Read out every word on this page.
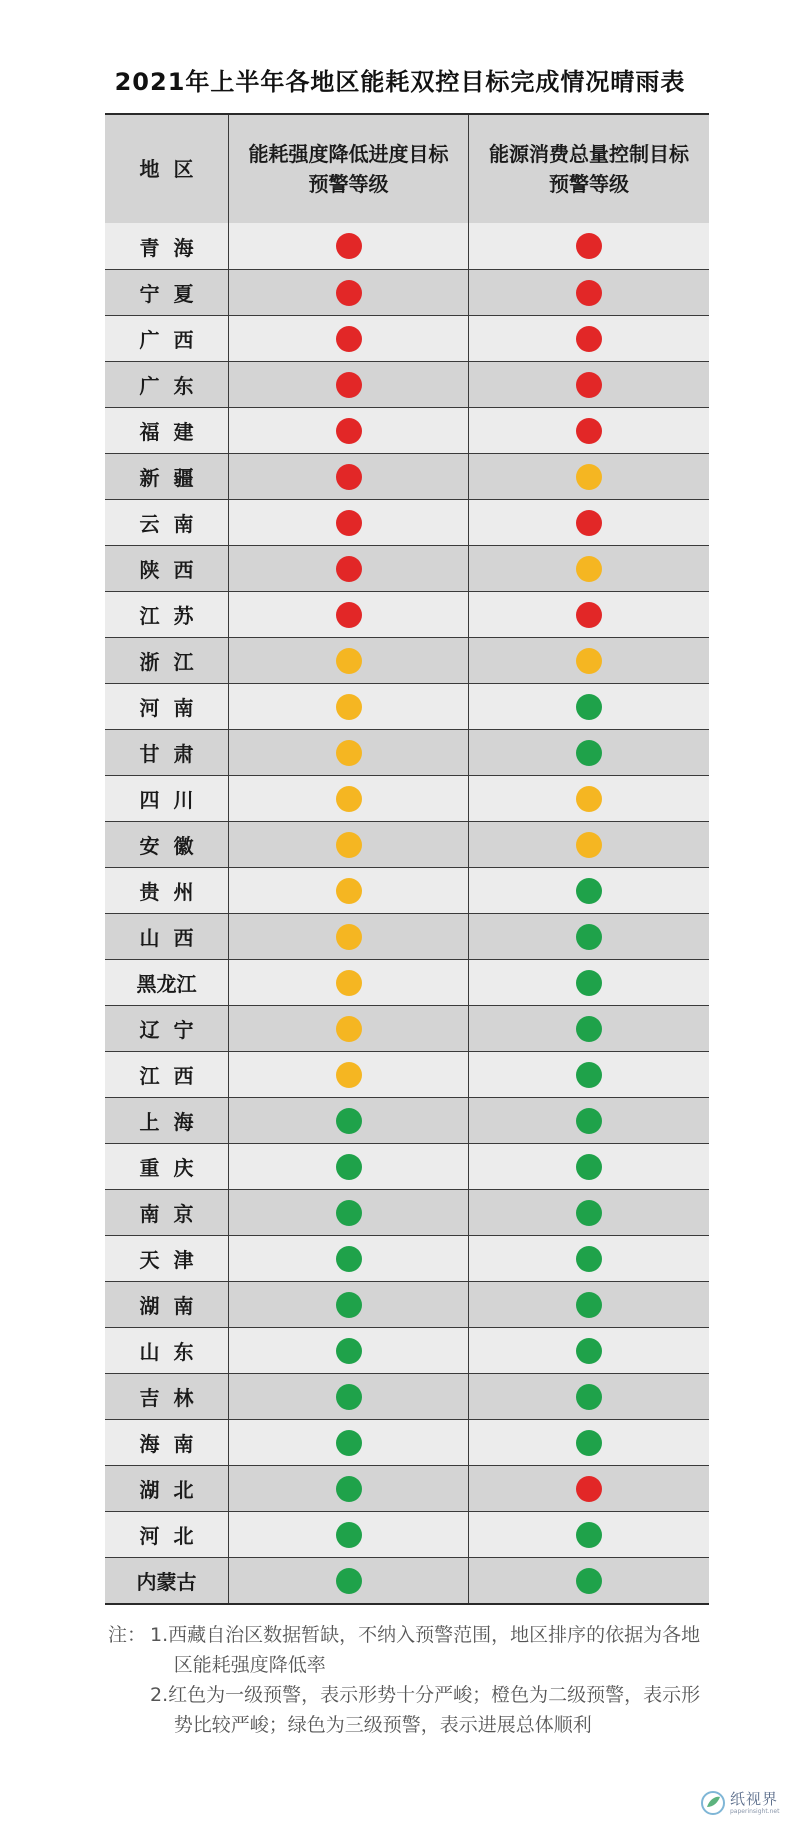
2021年上半年各地区能耗双控目标完成情况晴雨表
地  区
能耗强度降低进度目标
预警等级
能源消费总量控制目标
预警等级
青  海
宁  夏
广  西
广  东
福  建
新  疆
云  南
陕  西
江  苏
浙  江
河  南
甘  肃
四  川
安  徽
贵  州
山  西
黑龙江
辽  宁
江  西
上  海
重  庆
南  京
天  津
湖  南
山  东
吉  林
海  南
湖  北
河  北
内蒙古
注： 1.西藏自治区数据暂缺，不纳入预警范围，地区排序的依据为各地区能耗强度降低率
2.红色为一级预警，表示形势十分严峻；橙色为二级预警，表示形势比较严峻；绿色为三级预警，表示进展总体顺利
纸视界
paperinsight.net
